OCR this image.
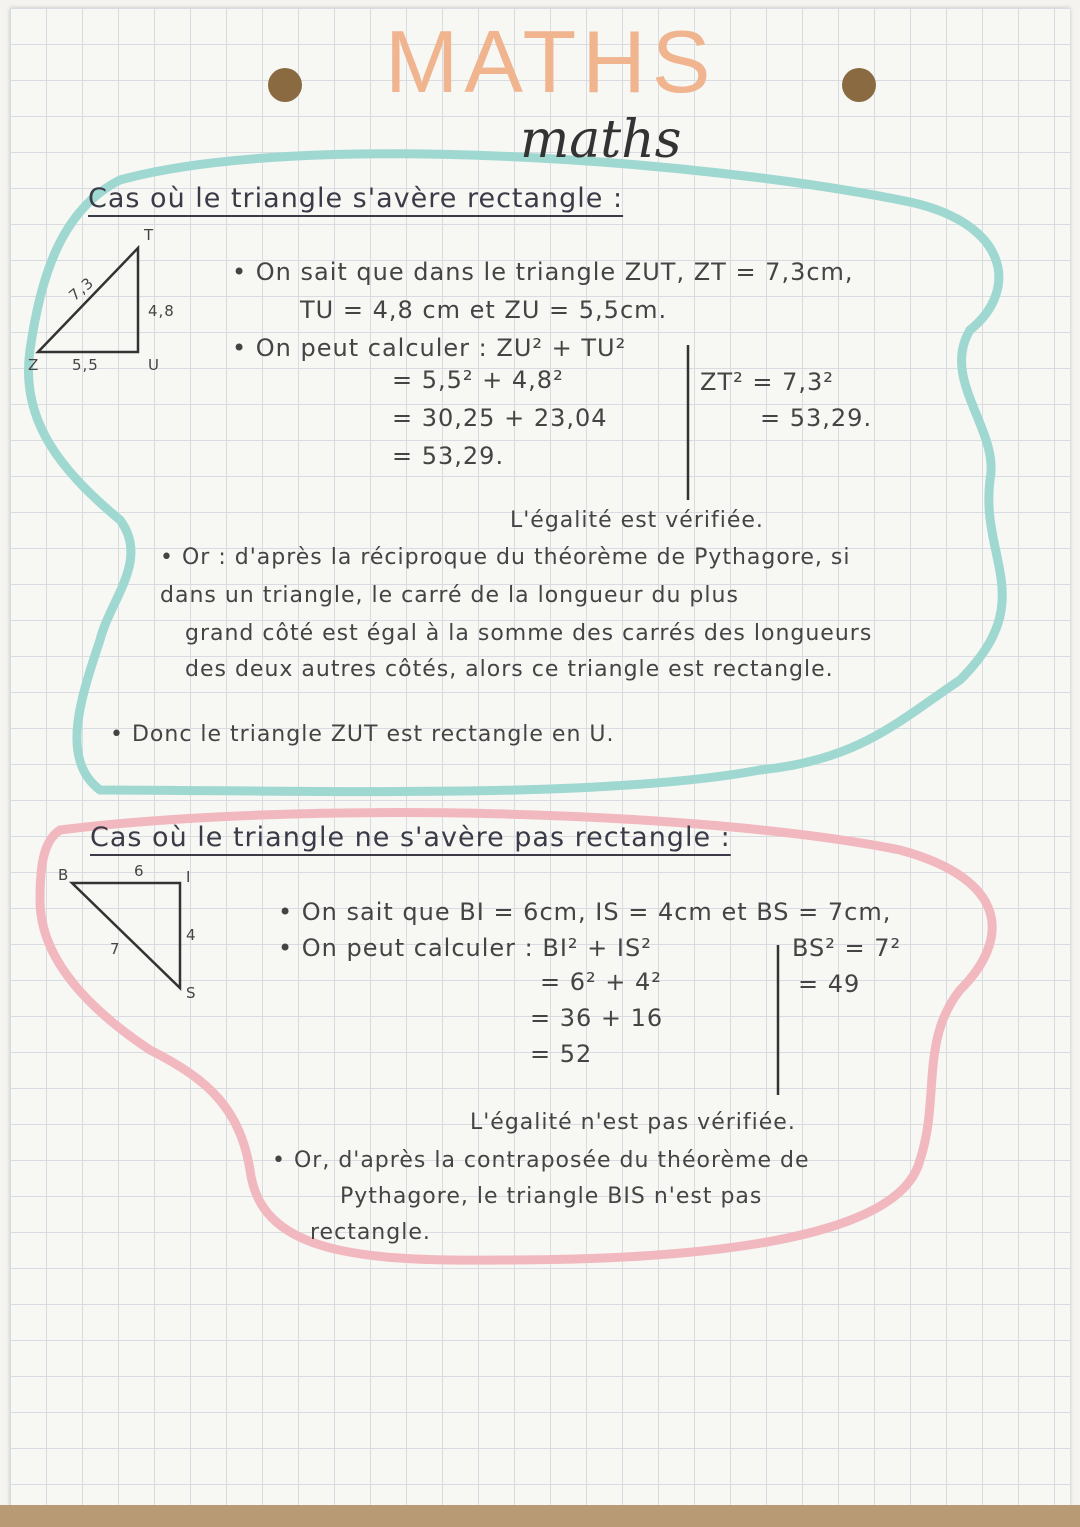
MATHS
maths
Cas où le triangle s'avère rectangle :
T
Z	U
7,3
4,8
5,5
• On sait que dans le triangle ZUT, ZT = 7,3cm,
TU = 4,8 cm et ZU = 5,5cm.
• On peut calculer : ZU² + TU²
= 5,5² + 4,8²
= 30,25 + 23,04
= 53,29.
ZT² = 7,3²
= 53,29.
L'égalité est vérifiée.
• Or : d'après la réciproque du théorème de Pythagore, si
dans un triangle, le carré de la longueur du plus
grand côté est égal à la somme des carrés des longueurs
des deux autres côtés, alors ce triangle est rectangle.
• Donc le triangle ZUT est rectangle en U.
Cas où le triangle ne s'avère pas rectangle :
B	I
S
6
4
7
• On sait que BI = 6cm, IS = 4cm et BS = 7cm,
• On peut calculer : BI² + IS²
= 6² + 4²
= 36 + 16
= 52
BS² = 7²
= 49
L'égalité n'est pas vérifiée.
• Or, d'après la contraposée du théorème de
Pythagore, le triangle BIS n'est pas
rectangle.
